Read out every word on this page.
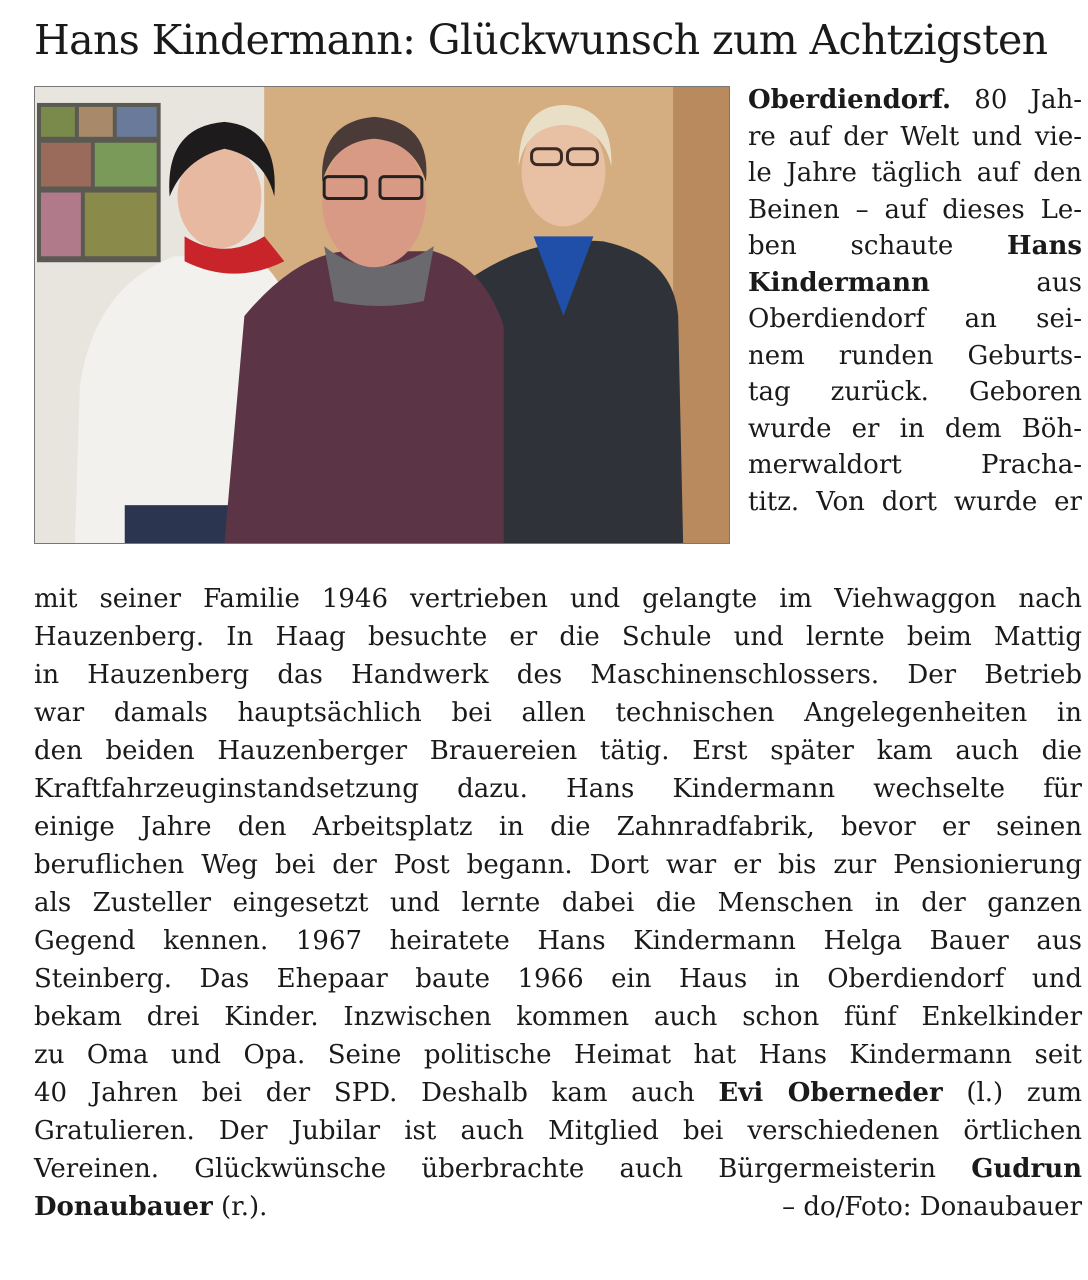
Hans Kindermann: Glückwunsch zum Achtzigsten
Oberdiendorf. 80 Jah-
re auf der Welt und vie-
le Jahre täglich auf den
Beinen – auf dieses Le-
ben schaute Hans
Kindermann aus
Oberdiendorf an sei-
nem runden Geburts-
tag zurück. Geboren
wurde er in dem Böh-
merwaldort Pracha-
titz. Von dort wurde er
mit seiner Familie 1946 vertrieben und gelangte im Viehwaggon nach
Hauzenberg. In Haag besuchte er die Schule und lernte beim Mattig
in Hauzenberg das Handwerk des Maschinenschlossers. Der Betrieb
war damals hauptsächlich bei allen technischen Angelegenheiten in
den beiden Hauzenberger Brauereien tätig. Erst später kam auch die
Kraftfahrzeuginstandsetzung dazu. Hans Kindermann wechselte für
einige Jahre den Arbeitsplatz in die Zahnradfabrik, bevor er seinen
beruflichen Weg bei der Post begann. Dort war er bis zur Pensionierung
als Zusteller eingesetzt und lernte dabei die Menschen in der ganzen
Gegend kennen. 1967 heiratete Hans Kindermann Helga Bauer aus
Steinberg. Das Ehepaar baute 1966 ein Haus in Oberdiendorf und
bekam drei Kinder. Inzwischen kommen auch schon fünf Enkelkinder
zu Oma und Opa. Seine politische Heimat hat Hans Kindermann seit
40 Jahren bei der SPD. Deshalb kam auch Evi Oberneder (l.) zum
Gratulieren. Der Jubilar ist auch Mitglied bei verschiedenen örtlichen
Vereinen. Glückwünsche überbrachte auch Bürgermeisterin Gudrun
Donaubauer (r.).	– do/Foto: Donaubauer
